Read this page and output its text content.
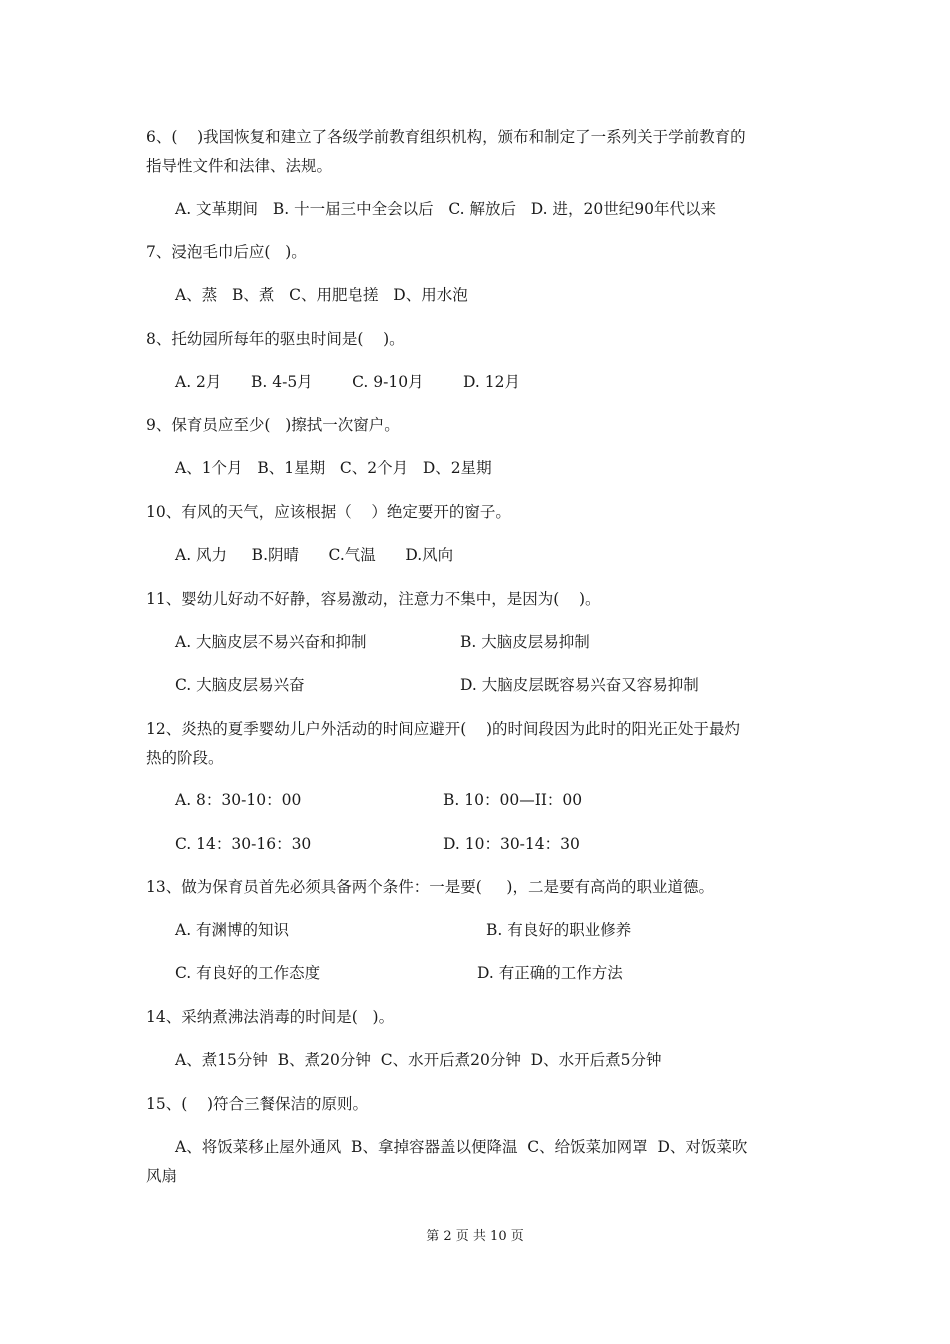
6、(    )我国恢复和建立了各级学前教育组织机构，颁布和制定了一系列关于学前教育的

指导性文件和法律、法规。

A. 文革期间   B. 十一届三中全会以后   C. 解放后   D. 进，20世纪90年代以来

7、浸泡毛巾后应(   )。

A、蒸   B、煮   C、用肥皂搓   D、用水泡

8、托幼园所每年的驱虫时间是(    )。

A. 2月      B. 4-5月        C. 9-10月        D. 12月

9、保育员应至少(   )擦拭一次窗户。

A、1个月   B、1星期   C、2个月   D、2星期

10、有风的天气，应该根据（    ）绝定要开的窗子。

A. 风力     B.阴晴      C.气温      D.风向

11、婴幼儿好动不好静，容易激动，注意力不集中，是因为(    )。

A. 大脑皮层不易兴奋和抑制	B. 大脑皮层易抑制

C. 大脑皮层易兴奋	D. 大脑皮层既容易兴奋又容易抑制

12、炎热的夏季婴幼儿户外活动的时间应避开(    )的时间段因为此时的阳光正处于最灼

热的阶段。

A. 8：30-10：00	B. 10：00—II：00

C. 14：30-16：30	D. 10：30-14：30

13、做为保育员首先必须具备两个条件：一是要(     )，二是要有高尚的职业道德。

A. 有渊博的知识	B. 有良好的职业修养

C. 有良好的工作态度	D. 有正确的工作方法

14、采纳煮沸法消毒的时间是(   )。

A、煮15分钟  B、煮20分钟  C、水开后煮20分钟  D、水开后煮5分钟

15、(    )符合三餐保洁的原则。

A、将饭菜移止屋外通风  B、拿掉容器盖以便降温  C、给饭菜加网罩  D、对饭菜吹

风扇

第 2 页 共 10 页
